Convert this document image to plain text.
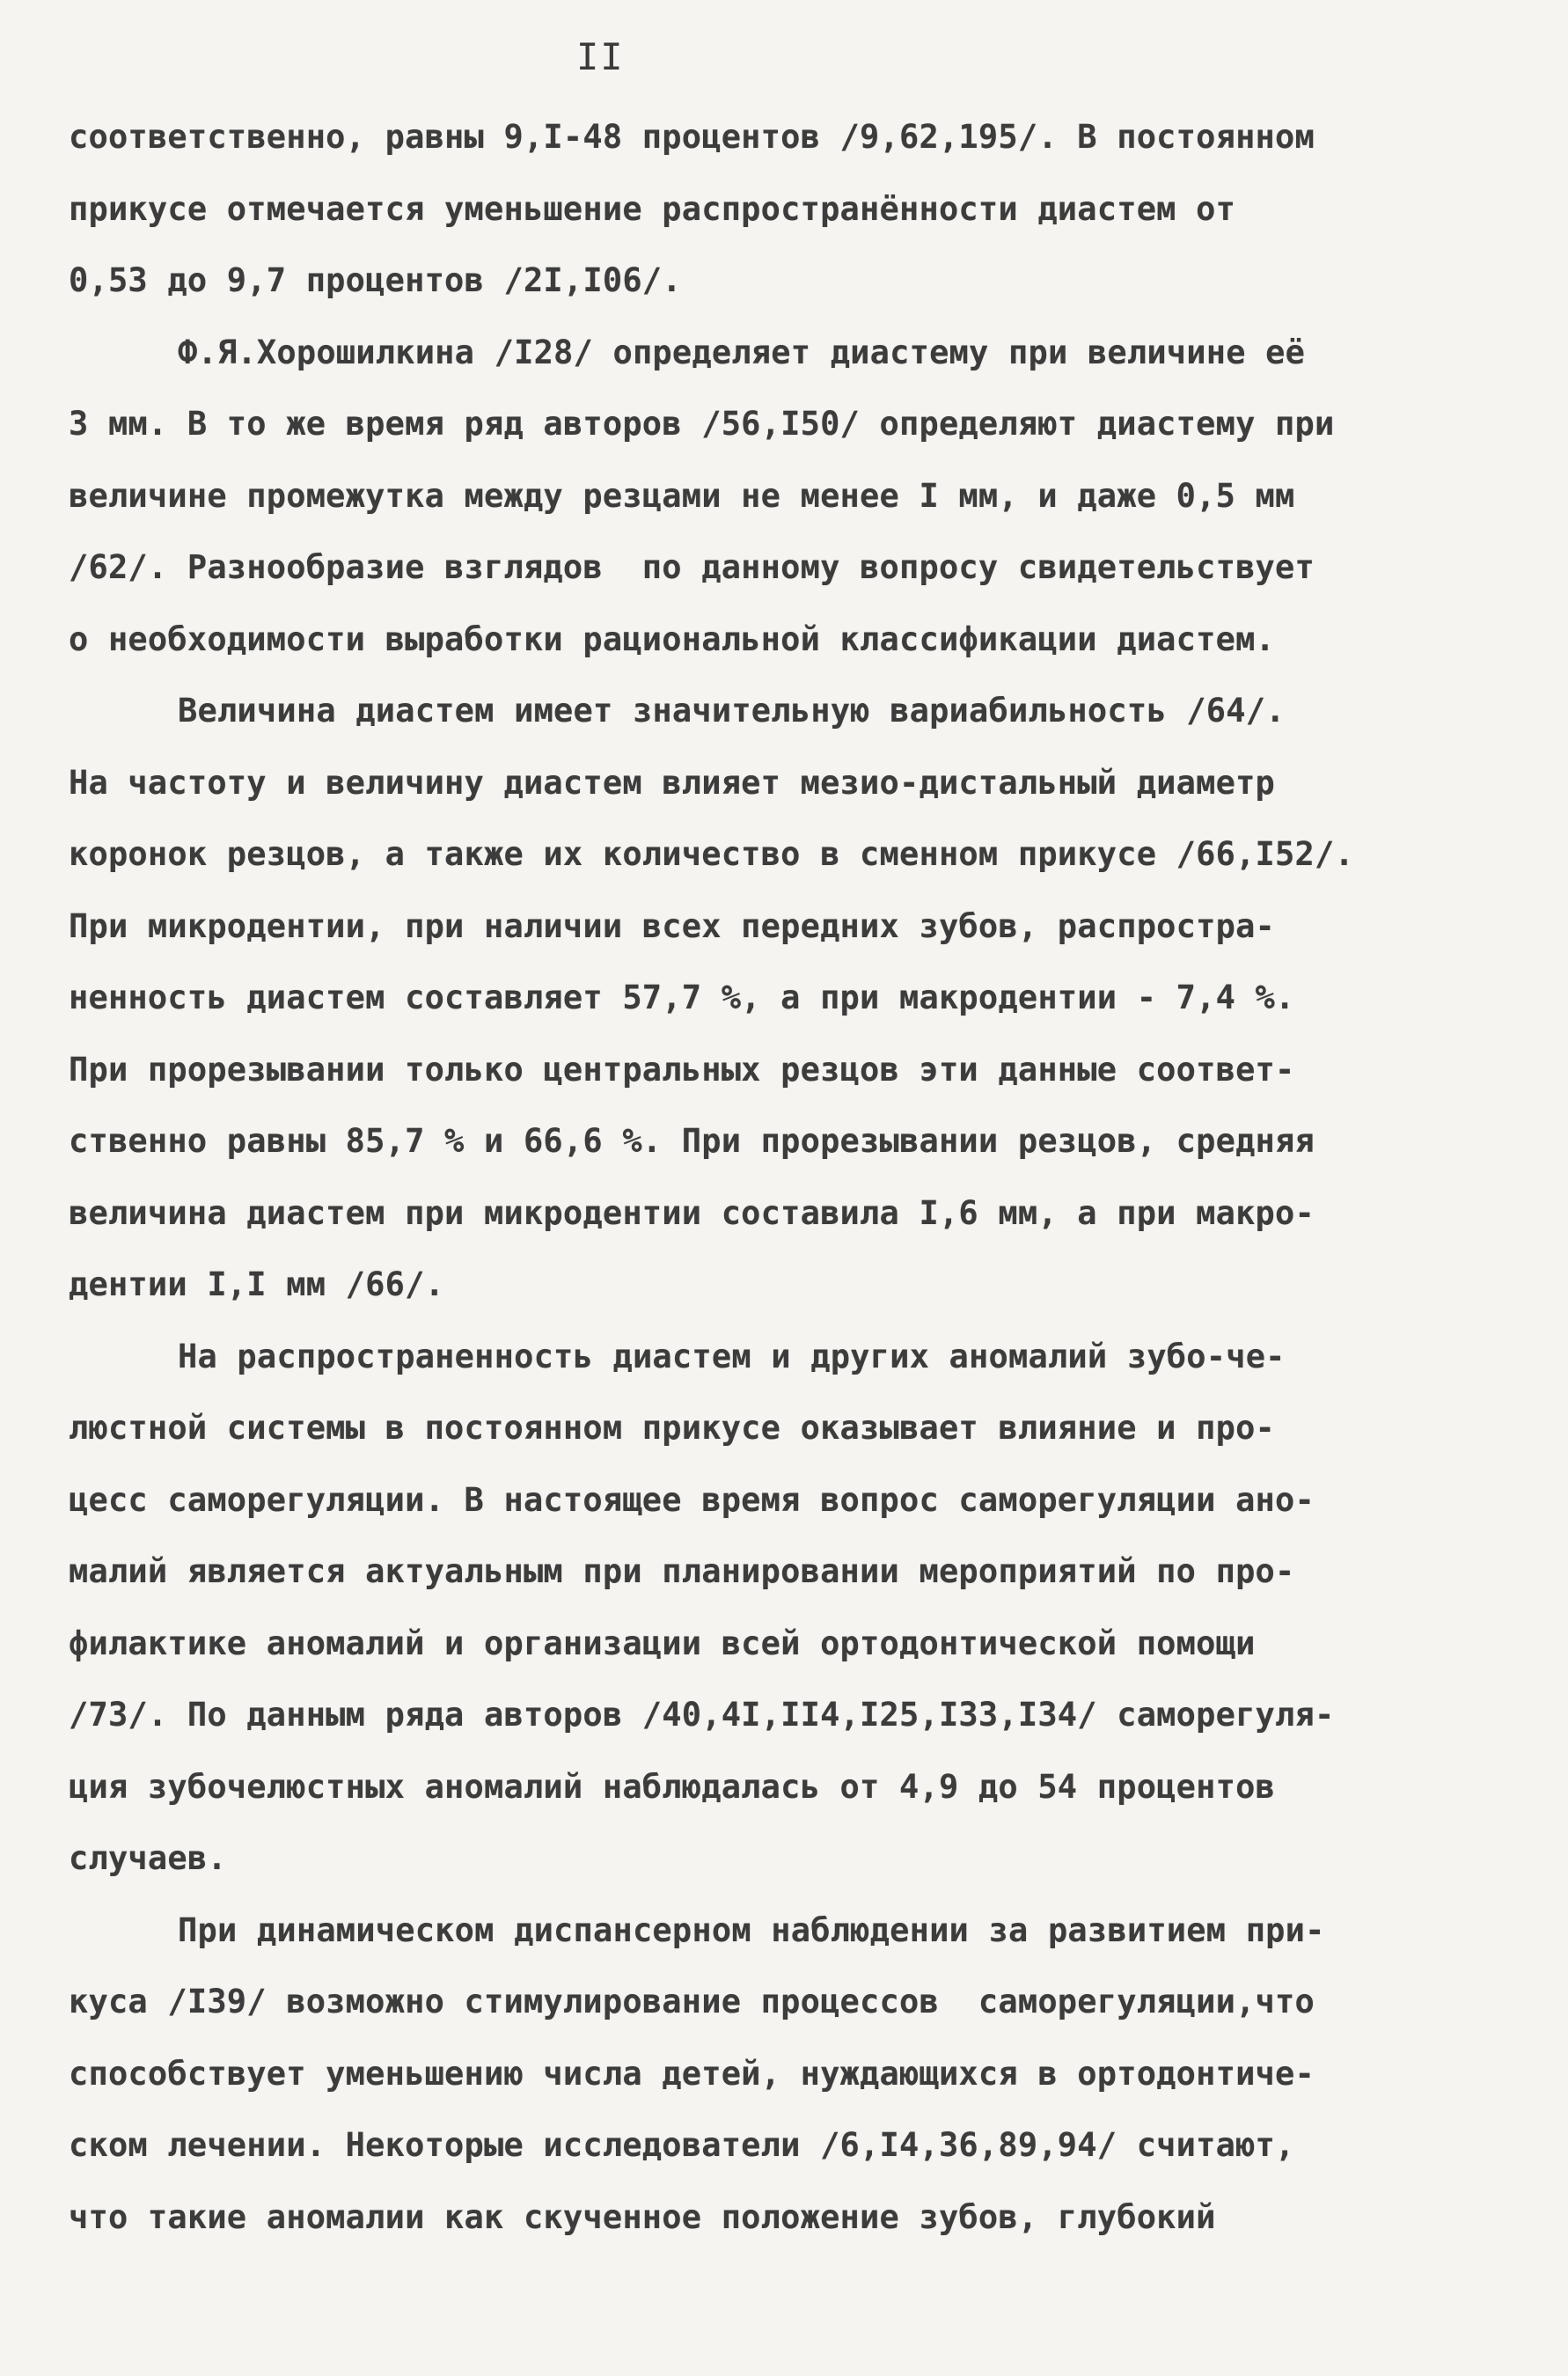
II
соответственно, равны 9,I-48 процентов /9,62,195/. В постоянном
прикусе отмечается уменьшение распространённости диастем от
0,53 до 9,7 процентов /2I,I06/.
Ф.Я.Хорошилкина /I28/ определяет диастему при величине её
3 мм. В то же время ряд авторов /56,I50/ определяют диастему при
величине промежутка между резцами не менее I мм, и даже 0,5 мм
/62/. Разнообразие взглядов  по данному вопросу свидетельствует
о необходимости выработки рациональной классификации диастем.
Величина диастем имеет значительную вариабильность /64/.
На частоту и величину диастем влияет мезио-дистальный диаметр
коронок резцов, а также их количество в сменном прикусе /66,I52/.
При микродентии, при наличии всех передних зубов, распростра-
ненность диастем составляет 57,7 %, а при макродентии - 7,4 %.
При прорезывании только центральных резцов эти данные соответ-
ственно равны 85,7 % и 66,6 %. При прорезывании резцов, средняя
величина диастем при микродентии составила I,6 мм, а при макро-
дентии I,I мм /66/.
На распространенность диастем и других аномалий зубо-че-
люстной системы в постоянном прикусе оказывает влияние и про-
цесс саморегуляции. В настоящее время вопрос саморегуляции ано-
малий является актуальным при планировании мероприятий по про-
филактике аномалий и организации всей ортодонтической помощи
/73/. По данным ряда авторов /40,4I,II4,I25,I33,I34/ саморегуля-
ция зубочелюстных аномалий наблюдалась от 4,9 до 54 процентов
случаев.
При динамическом диспансерном наблюдении за развитием при-
куса /I39/ возможно стимулирование процессов  саморегуляции,что
способствует уменьшению числа детей, нуждающихся в ортодонтиче-
ском лечении. Некоторые исследователи /6,I4,36,89,94/ считают,
что такие аномалии как скученное положение зубов, глубокий
